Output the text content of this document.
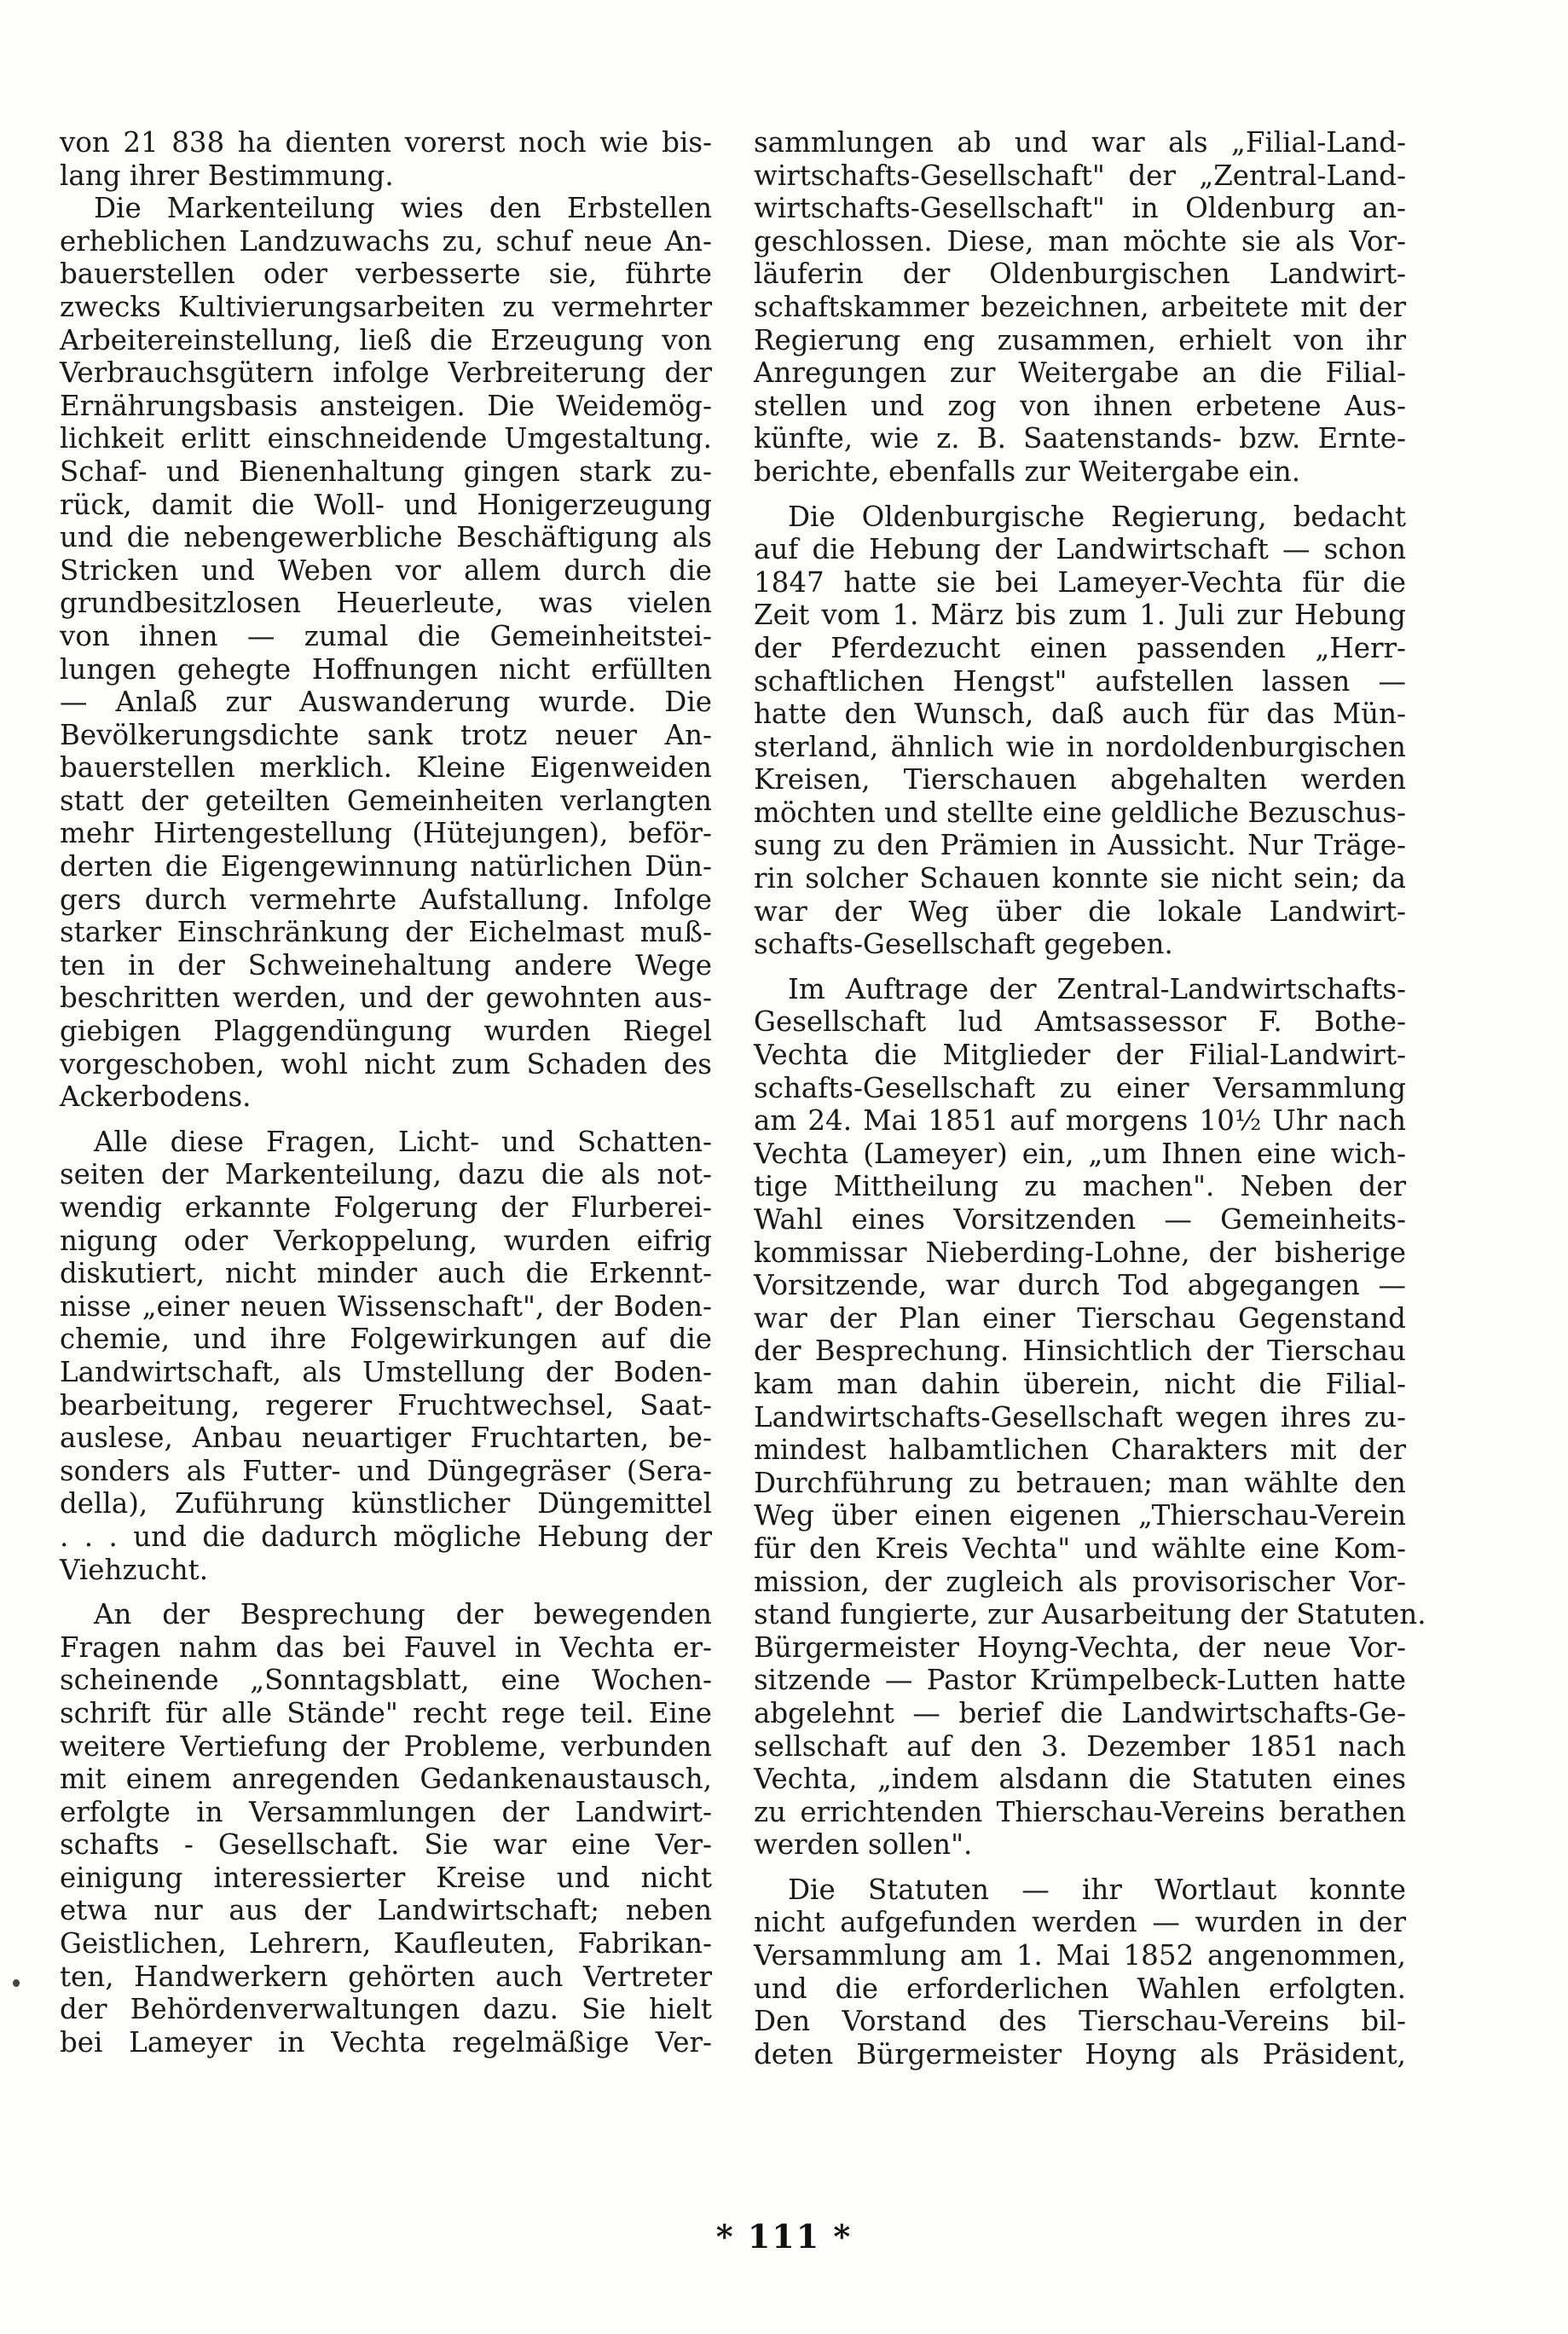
von 21 838 ha dienten vorerst noch wie bis-
lang ihrer Bestimmung.
Die Markenteilung wies den Erbstellen
erheblichen Landzuwachs zu, schuf neue An-
bauerstellen oder verbesserte sie, führte
zwecks Kultivierungsarbeiten zu vermehrter
Arbeitereinstellung, ließ die Erzeugung von
Verbrauchsgütern infolge Verbreiterung der
Ernährungsbasis ansteigen. Die Weidemög-
lichkeit erlitt einschneidende Umgestaltung.
Schaf- und Bienenhaltung gingen stark zu-
rück, damit die Woll- und Honigerzeugung
und die nebengewerbliche Beschäftigung als
Stricken und Weben vor allem durch die
grundbesitzlosen Heuerleute, was vielen
von ihnen — zumal die Gemeinheitstei-
lungen gehegte Hoffnungen nicht erfüllten
— Anlaß zur Auswanderung wurde. Die
Bevölkerungsdichte sank trotz neuer An-
bauerstellen merklich. Kleine Eigenweiden
statt der geteilten Gemeinheiten verlangten
mehr Hirtengestellung (Hütejungen), beför-
derten die Eigengewinnung natürlichen Dün-
gers durch vermehrte Aufstallung. Infolge
starker Einschränkung der Eichelmast muß-
ten in der Schweinehaltung andere Wege
beschritten werden, und der gewohnten aus-
giebigen Plaggendüngung wurden Riegel
vorgeschoben, wohl nicht zum Schaden des
Ackerbodens.
Alle diese Fragen, Licht- und Schatten-
seiten der Markenteilung, dazu die als not-
wendig erkannte Folgerung der Flurberei-
nigung oder Verkoppelung, wurden eifrig
diskutiert, nicht minder auch die Erkennt-
nisse „einer neuen Wissenschaft", der Boden-
chemie, und ihre Folgewirkungen auf die
Landwirtschaft, als Umstellung der Boden-
bearbeitung, regerer Fruchtwechsel, Saat-
auslese, Anbau neuartiger Fruchtarten, be-
sonders als Futter- und Düngegräser (Sera-
della), Zuführung künstlicher Düngemittel
. . . und die dadurch mögliche Hebung der
Viehzucht.
An der Besprechung der bewegenden
Fragen nahm das bei Fauvel in Vechta er-
scheinende „Sonntagsblatt, eine Wochen-
schrift für alle Stände" recht rege teil. Eine
weitere Vertiefung der Probleme, verbunden
mit einem anregenden Gedankenaustausch,
erfolgte in Versammlungen der Landwirt-
schafts - Gesellschaft. Sie war eine Ver-
einigung interessierter Kreise und nicht
etwa nur aus der Landwirtschaft; neben
Geistlichen, Lehrern, Kaufleuten, Fabrikan-
ten, Handwerkern gehörten auch Vertreter
der Behördenverwaltungen dazu. Sie hielt
bei Lameyer in Vechta regelmäßige Ver-
sammlungen ab und war als „Filial-Land-
wirtschafts-Gesellschaft" der „Zentral-Land-
wirtschafts-Gesellschaft" in Oldenburg an-
geschlossen. Diese, man möchte sie als Vor-
läuferin der Oldenburgischen Landwirt-
schaftskammer bezeichnen, arbeitete mit der
Regierung eng zusammen, erhielt von ihr
Anregungen zur Weitergabe an die Filial-
stellen und zog von ihnen erbetene Aus-
künfte, wie z. B. Saatenstands- bzw. Ernte-
berichte, ebenfalls zur Weitergabe ein.
Die Oldenburgische Regierung, bedacht
auf die Hebung der Landwirtschaft — schon
1847 hatte sie bei Lameyer-Vechta für die
Zeit vom 1. März bis zum 1. Juli zur Hebung
der Pferdezucht einen passenden „Herr-
schaftlichen Hengst" aufstellen lassen —
hatte den Wunsch, daß auch für das Mün-
sterland, ähnlich wie in nordoldenburgischen
Kreisen, Tierschauen abgehalten werden
möchten und stellte eine geldliche Bezuschus-
sung zu den Prämien in Aussicht. Nur Träge-
rin solcher Schauen konnte sie nicht sein; da
war der Weg über die lokale Landwirt-
schafts-Gesellschaft gegeben.
Im Auftrage der Zentral-Landwirtschafts-
Gesellschaft lud Amtsassessor F. Bothe-
Vechta die Mitglieder der Filial-Landwirt-
schafts-Gesellschaft zu einer Versammlung
am 24. Mai 1851 auf morgens 10½ Uhr nach
Vechta (Lameyer) ein, „um Ihnen eine wich-
tige Mittheilung zu machen". Neben der
Wahl eines Vorsitzenden — Gemeinheits-
kommissar Nieberding-Lohne, der bisherige
Vorsitzende, war durch Tod abgegangen —
war der Plan einer Tierschau Gegenstand
der Besprechung. Hinsichtlich der Tierschau
kam man dahin überein, nicht die Filial-
Landwirtschafts-Gesellschaft wegen ihres zu-
mindest halbamtlichen Charakters mit der
Durchführung zu betrauen; man wählte den
Weg über einen eigenen „Thierschau-Verein
für den Kreis Vechta" und wählte eine Kom-
mission, der zugleich als provisorischer Vor-
stand fungierte, zur Ausarbeitung der Statuten.
Bürgermeister Hoyng-Vechta, der neue Vor-
sitzende — Pastor Krümpelbeck-Lutten hatte
abgelehnt — berief die Landwirtschafts-Ge-
sellschaft auf den 3. Dezember 1851 nach
Vechta, „indem alsdann die Statuten eines
zu errichtenden Thierschau-Vereins berathen
werden sollen".
Die Statuten — ihr Wortlaut konnte
nicht aufgefunden werden — wurden in der
Versammlung am 1. Mai 1852 angenommen,
und die erforderlichen Wahlen erfolgten.
Den Vorstand des Tierschau-Vereins bil-
deten Bürgermeister Hoyng als Präsident,
* 111 *
